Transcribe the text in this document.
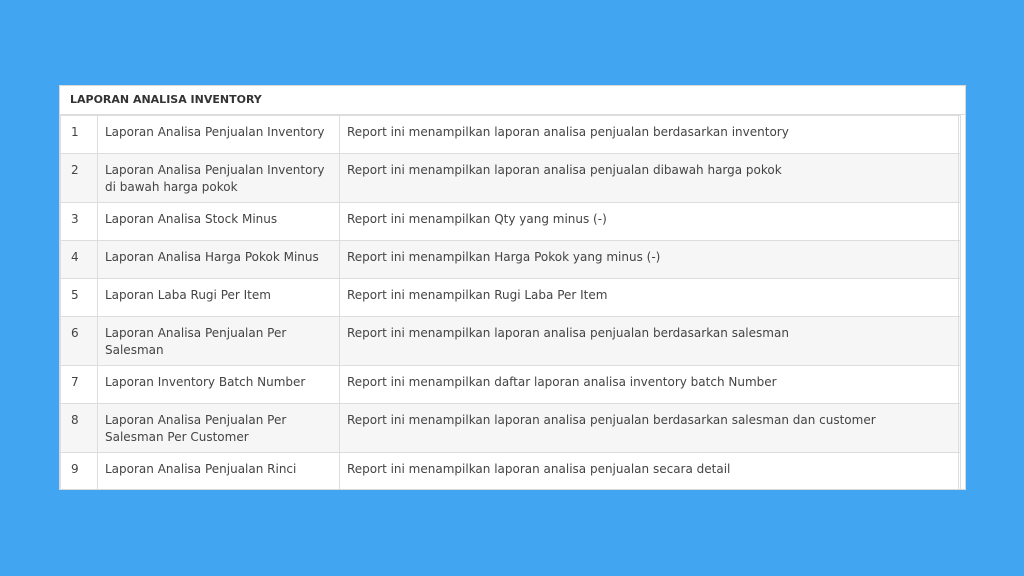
LAPORAN ANALISA INVENTORY
1	Laporan Analisa Penjualan Inventory	Report ini menampilkan laporan analisa penjualan berdasarkan inventory
2	Laporan Analisa Penjualan Inventory di bawah harga pokok	Report ini menampilkan laporan analisa penjualan dibawah harga pokok
3	Laporan Analisa Stock Minus	Report ini menampilkan Qty yang minus (-)
4	Laporan Analisa Harga Pokok Minus	Report ini menampilkan Harga Pokok yang minus (-)
5	Laporan Laba Rugi Per Item	Report ini menampilkan Rugi Laba Per Item
6	Laporan Analisa Penjualan Per Salesman	Report ini menampilkan laporan analisa penjualan berdasarkan salesman
7	Laporan Inventory Batch Number	Report ini menampilkan daftar laporan analisa inventory batch Number
8	Laporan Analisa Penjualan Per Salesman Per Customer	Report ini menampilkan laporan analisa penjualan berdasarkan salesman dan customer
9	Laporan Analisa Penjualan Rinci	Report ini menampilkan laporan analisa penjualan secara detail
